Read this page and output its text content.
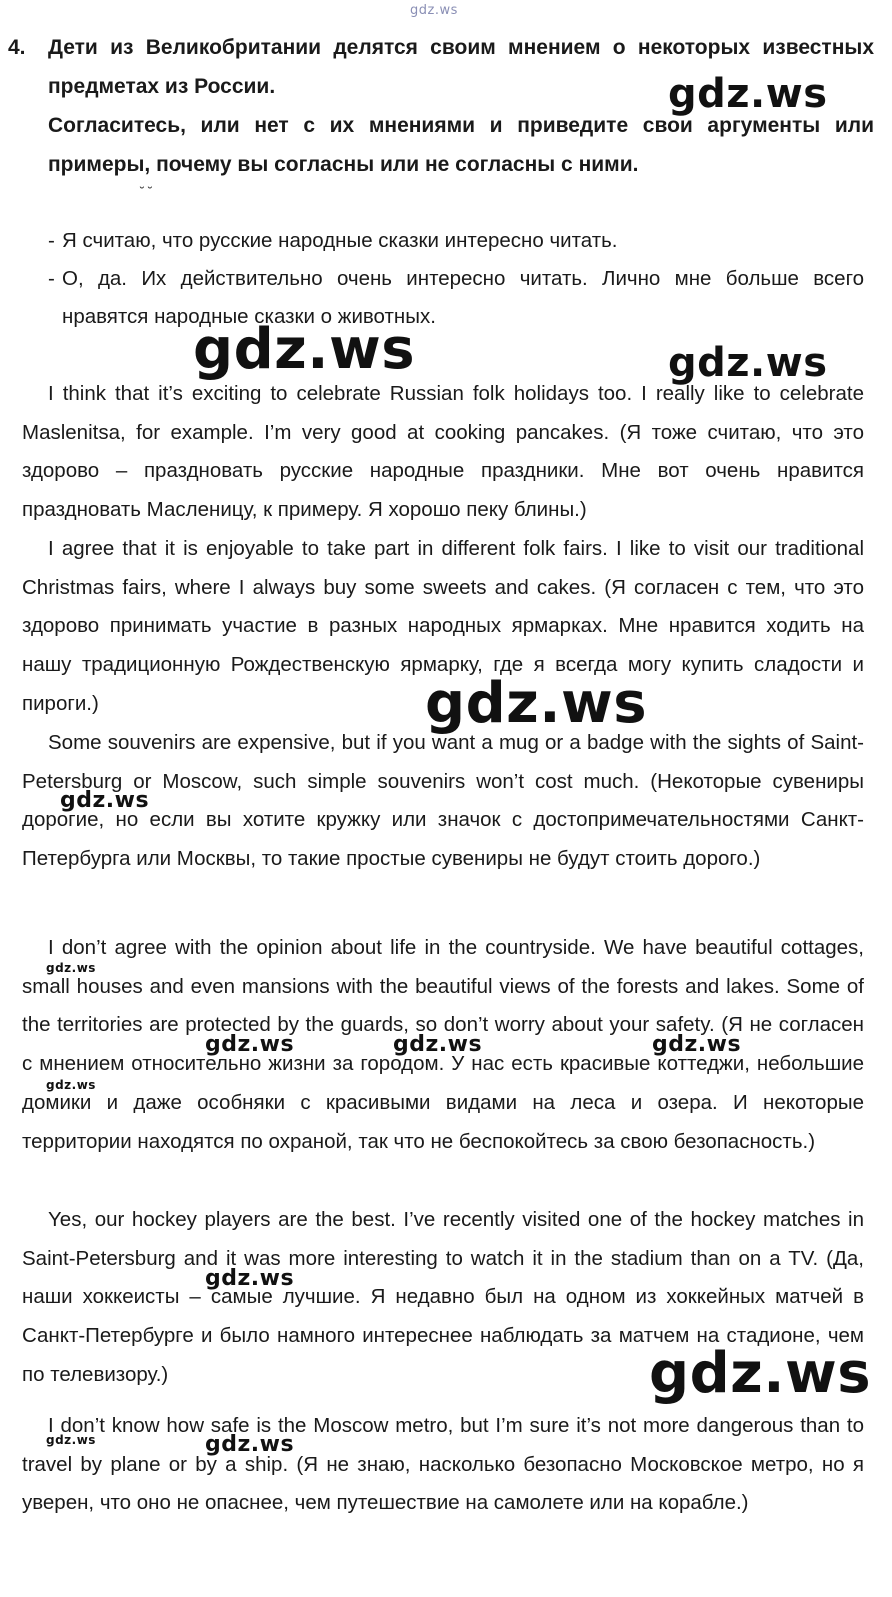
gdz.ws
4.	Дети из Великобритании делятся своим мнением о некоторых известных предметах из России.

Согласитесь, или нет с их мнениями и приведите свои аргументы или примеры, почему вы согласны или не согласны с ними.

˘ ˘
- Я считаю, что русские народные сказки интересно читать.
- О, да. Их действительно очень интересно читать. Лично мне больше всего нравятся народные сказки о животных.

I think that it’s exciting to celebrate Russian folk holidays too. I really like to celebrate Maslenitsa, for example. I’m very good at cooking pancakes. (Я тоже считаю, что это здорово – праздновать русские народные праздники. Мне вот очень нравится праздновать Масленицу, к примеру. Я хорошо пеку блины.)

I agree that it is enjoyable to take part in different folk fairs. I like to visit our traditional Christmas fairs, where I always buy some sweets and cakes. (Я согласен с тем, что это здорово принимать участие в разных народных ярмарках. Мне нравится ходить на нашу традиционную Рождественскую ярмарку, где я всегда могу купить сладости и пироги.)

Some souvenirs are expensive, but if you want a mug or a badge with the sights of Saint-Petersburg or Moscow, such simple souvenirs won’t cost much. (Некоторые сувениры дорогие, но если вы хотите кружку или значок с достопримечательностями Санкт-Петербурга или Москвы, то такие простые сувениры не будут стоить дорого.)

I don’t agree with the opinion about life in the countryside. We have beautiful cottages, small houses and even mansions with the beautiful views of the forests and lakes. Some of the territories are protected by the guards, so don’t worry about your safety. (Я не согласен с мнением относительно жизни за городом. У нас есть красивые коттеджи, небольшие домики и даже особняки с красивыми видами на леса и озера. И некоторые территории находятся по охраной, так что не беспокойтесь за свою безопасность.)

Yes, our hockey players are the best. I’ve recently visited one of the hockey matches in Saint-Petersburg and it was more interesting to watch it in the stadium than on a TV. (Да, наши хоккеисты – самые лучшие. Я недавно был на одном из хоккейных матчей в Санкт-Петербурге и было намного интереснее наблюдать за матчем на стадионе, чем по телевизору.)

I don’t know how safe is the Moscow metro, but I’m sure it’s not more dangerous than to travel by plane or by a ship. (Я не знаю, насколько безопасно Московское метро, но я уверен, что оно не опаснее, чем путешествие на самолете или на корабле.)

gdz.ws
gdz.ws	gdz.ws
gdz.ws
gdz.ws
gdz.ws
gdz.ws	gdz.ws	gdz.ws
gdz.ws
gdz.ws
gdz.ws
gdz.ws	gdz.ws
